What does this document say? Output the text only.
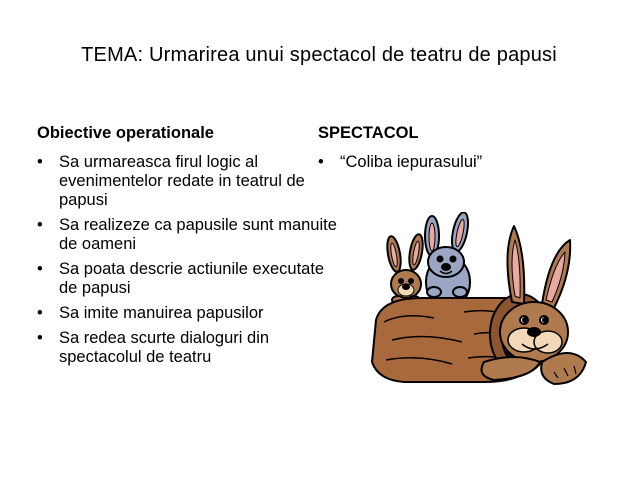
TEMA: Urmarirea unui spectacol de teatru de papusi
Obiective operationale
• Sa urmareasca firul logic al evenimentelor redate in teatrul de papusi
• Sa realizeze ca papusile sunt manuite de oameni
• Sa poata descrie actiunile executate de papusi
• Sa imite manuirea papusilor
• Sa redea scurte dialoguri din spectacolul de teatru
SPECTACOL
• “Coliba iepurasului”
